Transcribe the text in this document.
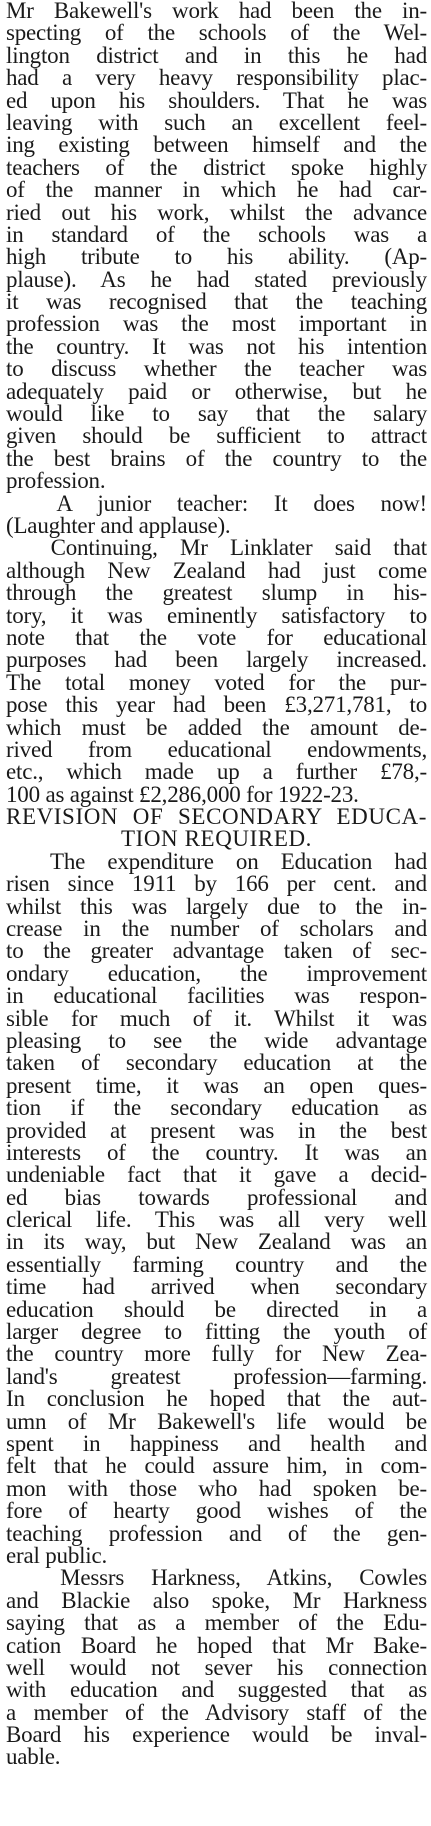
Mr Bakewell's work had been the in-
specting of the schools of the Wel-
lington district and in this he had
had a very heavy responsibility plac-
ed upon his shoulders. That he was
leaving with such an excellent feel-
ing existing between himself and the
teachers of the district spoke highly
of the manner in which he had car-
ried out his work, whilst the advance
in standard of the schools was a
high tribute to his ability. (Ap-
plause). As he had stated previously
it was recognised that the teaching
profession was the most important in
the country. It was not his intention
to discuss whether the teacher was
adequately paid or otherwise, but he
would like to say that the salary
given should be sufficient to attract
the best brains of the country to the
profession.
A junior teacher: It does now!
(Laughter and applause).
Continuing, Mr Linklater said that
although New Zealand had just come
through the greatest slump in his-
tory, it was eminently satisfactory to
note that the vote for educational
purposes had been largely increased.
The total money voted for the pur-
pose this year had been £3,271,781, to
which must be added the amount de-
rived from educational endowments,
etc., which made up a further £78,-
100 as against £2,286,000 for 1922-23.
REVISION OF SECONDARY EDUCA-
TION REQUIRED.
The expenditure on Education had
risen since 1911 by 166 per cent. and
whilst this was largely due to the in-
crease in the number of scholars and
to the greater advantage taken of sec-
ondary education, the improvement
in educational facilities was respon-
sible for much of it. Whilst it was
pleasing to see the wide advantage
taken of secondary education at the
present time, it was an open ques-
tion if the secondary education as
provided at present was in the best
interests of the country. It was an
undeniable fact that it gave a decid-
ed bias towards professional and
clerical life. This was all very well
in its way, but New Zealand was an
essentially farming country and the
time had arrived when secondary
education should be directed in a
larger degree to fitting the youth of
the country more fully for New Zea-
land's greatest profession—farming.
In conclusion he hoped that the aut-
umn of Mr Bakewell's life would be
spent in happiness and health and
felt that he could assure him, in com-
mon with those who had spoken be-
fore of hearty good wishes of the
teaching profession and of the gen-
eral public.
Messrs Harkness, Atkins, Cowles
and Blackie also spoke, Mr Harkness
saying that as a member of the Edu-
cation Board he hoped that Mr Bake-
well would not sever his connection
with education and suggested that as
a member of the Advisory staff of the
Board his experience would be inval-
uable.
